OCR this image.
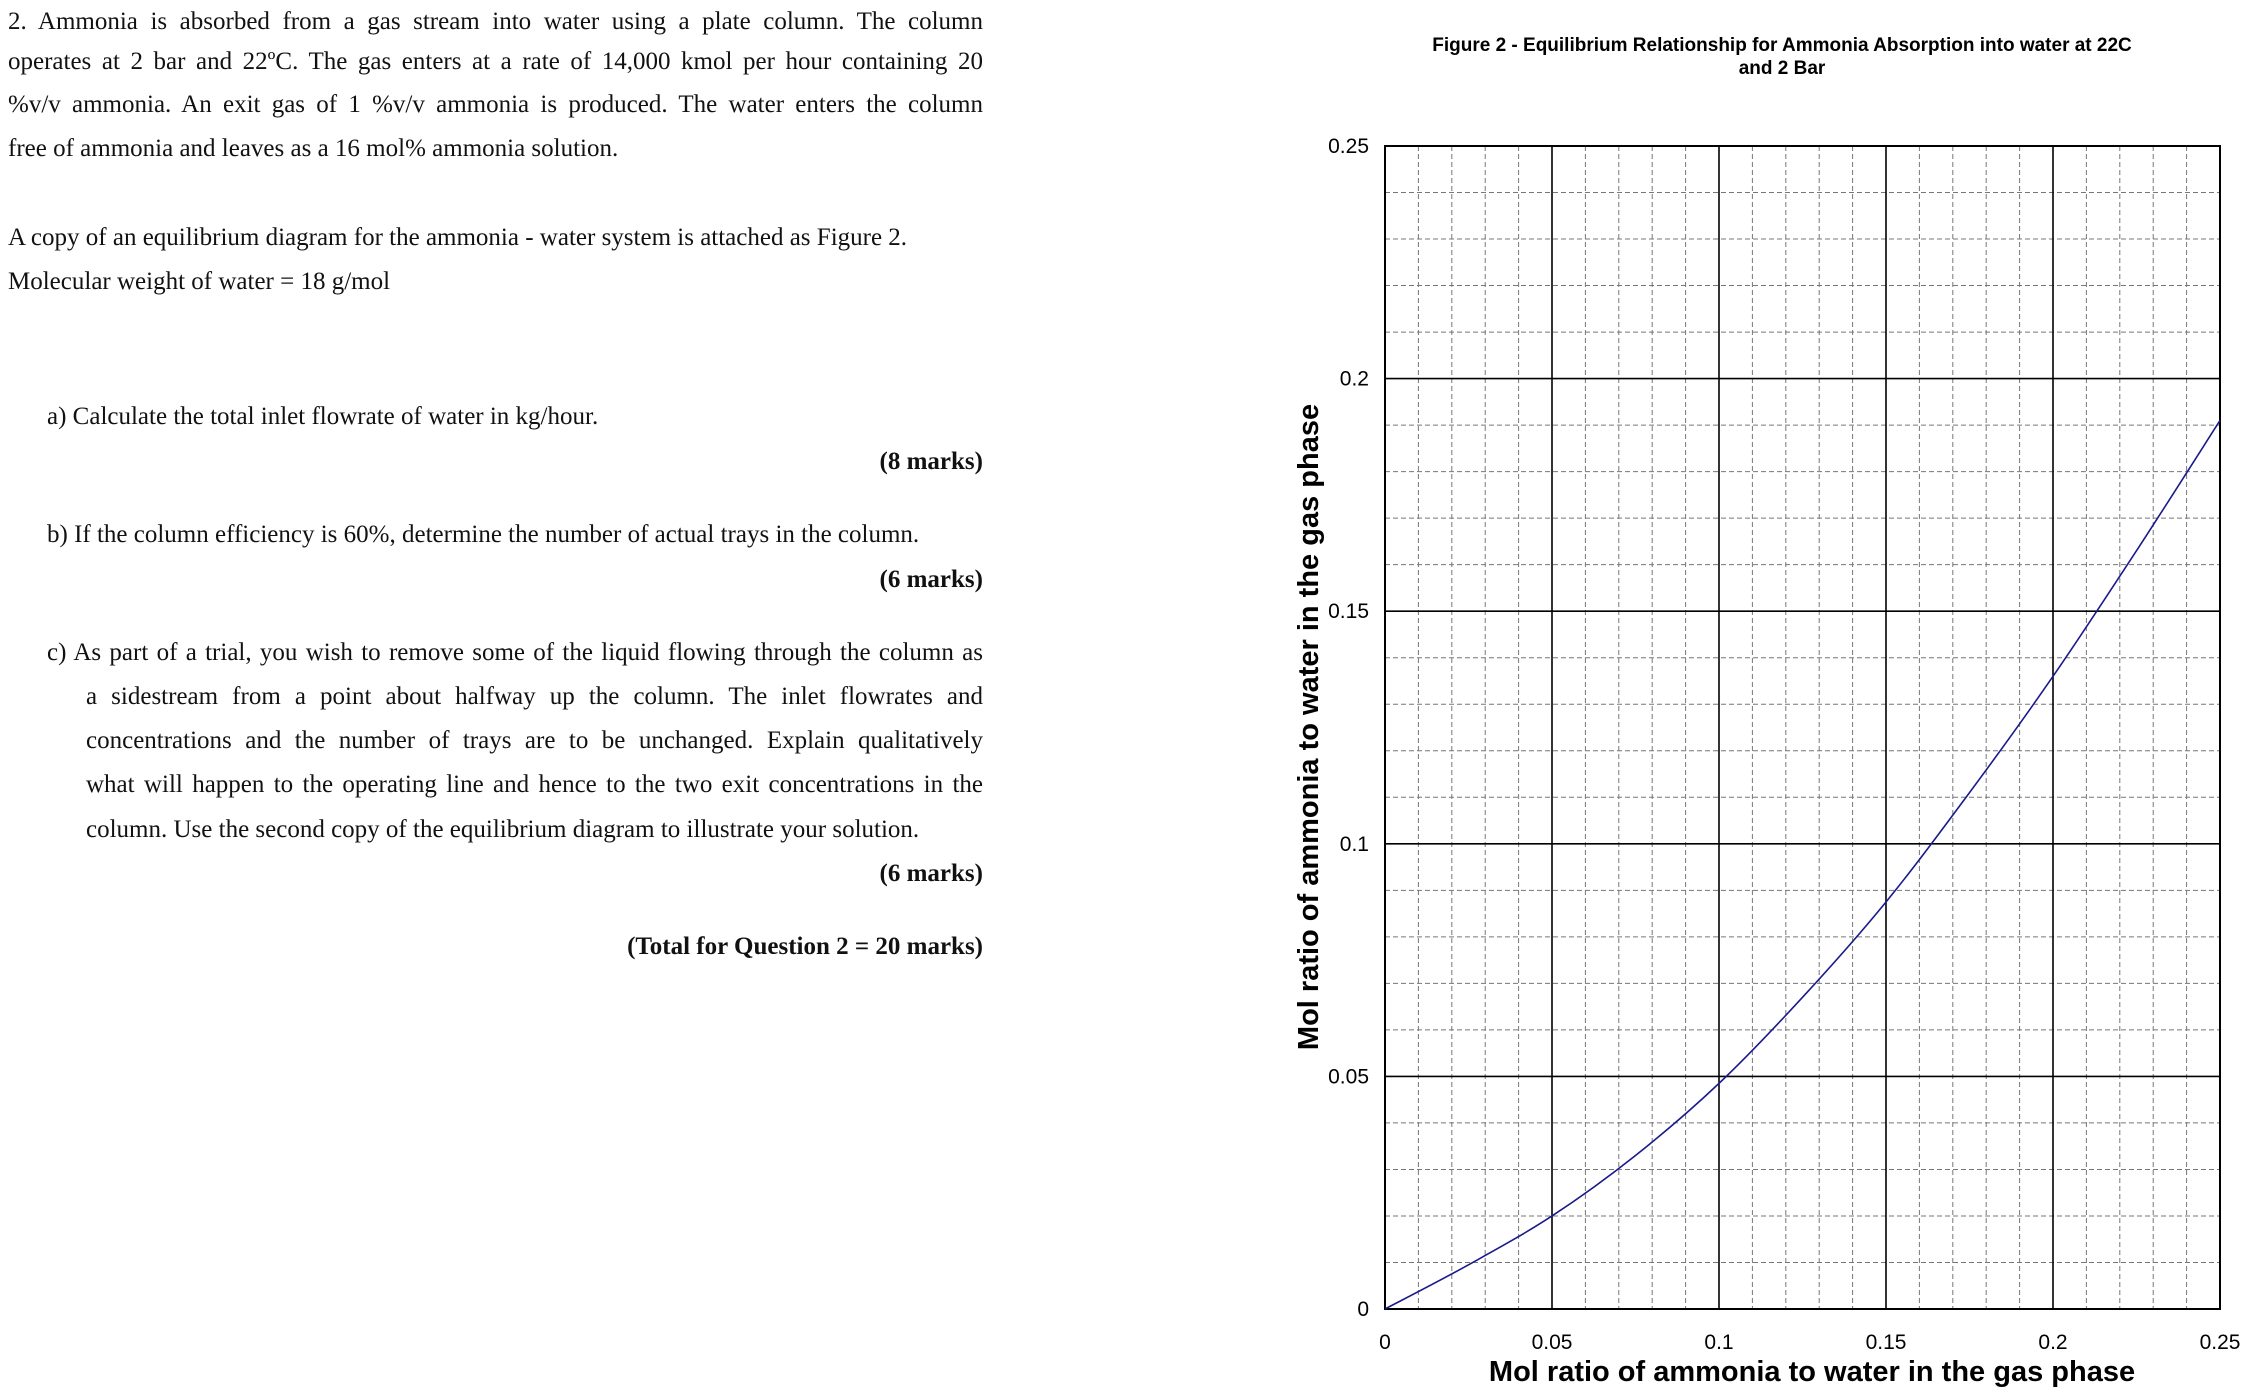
2. Ammonia is absorbed from a gas stream into water using a plate column. The column

operates at 2 bar and 22ºC. The gas enters at a rate of 14,000 kmol per hour containing 20

%v/v ammonia. An exit gas of 1 %v/v ammonia is produced. The water enters the column

free of ammonia and leaves as a 16 mol% ammonia solution.

A copy of an equilibrium diagram for the ammonia - water system is attached as Figure 2.

Molecular weight of water = 18 g/mol

a) Calculate the total inlet flowrate of water in kg/hour.

(8 marks)

b) If the column efficiency is 60%, determine the number of actual trays in the column.

(6 marks)

c) As part of a trial, you wish to remove some of the liquid flowing through the column as

a sidestream from a point about halfway up the column. The inlet flowrates and

concentrations and the number of trays are to be unchanged. Explain qualitatively

what will happen to the operating line and hence to the two exit concentrations in the

column. Use the second copy of the equilibrium diagram to illustrate your solution.

(6 marks)

(Total for Question 2 = 20 marks)

Figure 2 - Equilibrium Relationship for Ammonia Absorption into water at 22C
and 2 Bar
0	0.05	0.1	0.15	0.2	0.25
0
0.05
0.1
0.15
0.2
0.25
Mol ratio of ammonia to water in the gas phase
Mol ratio of ammonia to water in the gas phase
